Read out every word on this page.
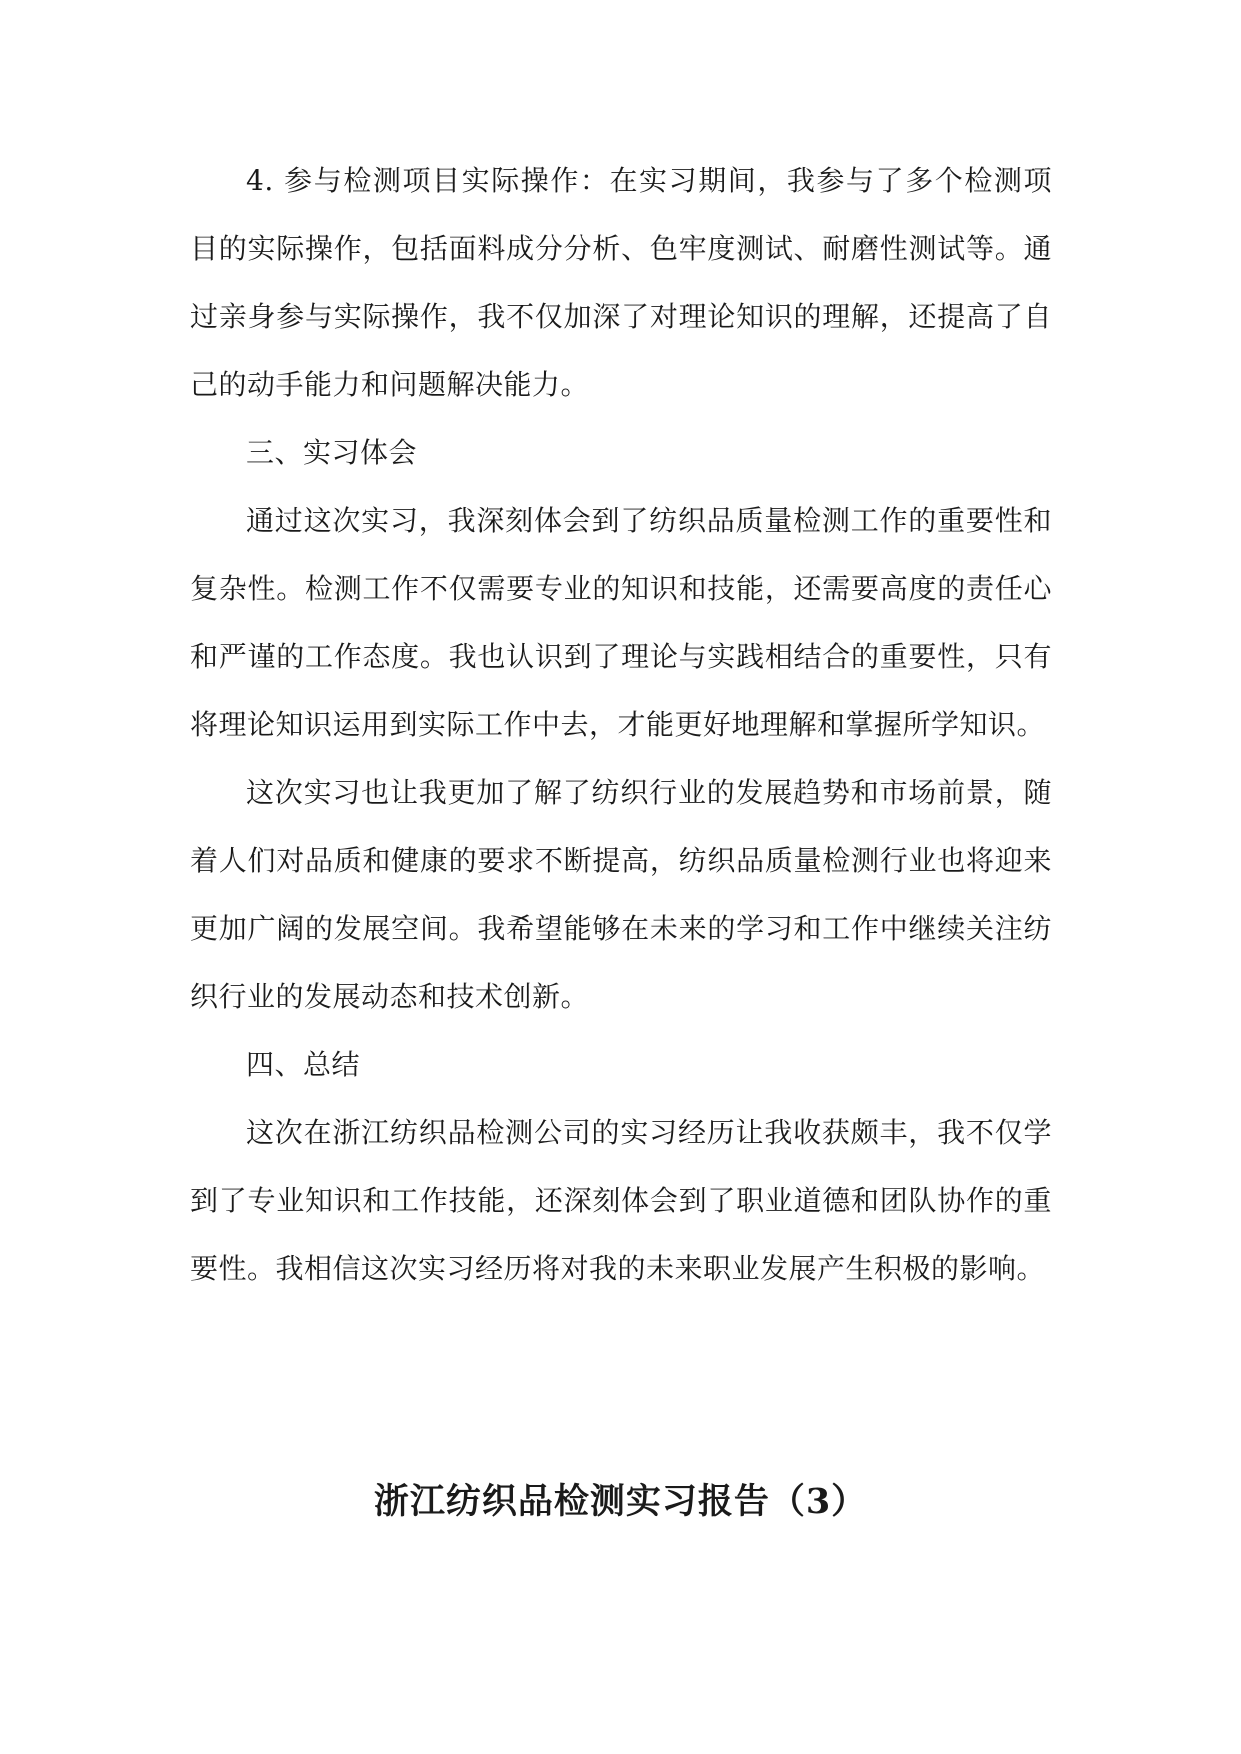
4. 参与检测项目实际操作：在实习期间，我参与了多个检测项目的实际操作，包括面料成分分析、色牢度测试、耐磨性测试等。通过亲身参与实际操作，我不仅加深了对理论知识的理解，还提高了自己的动手能力和问题解决能力。

三、实习体会

通过这次实习，我深刻体会到了纺织品质量检测工作的重要性和复杂性。检测工作不仅需要专业的知识和技能，还需要高度的责任心和严谨的工作态度。我也认识到了理论与实践相结合的重要性，只有将理论知识运用到实际工作中去，才能更好地理解和掌握所学知识。

这次实习也让我更加了解了纺织行业的发展趋势和市场前景，随着人们对品质和健康的要求不断提高，纺织品质量检测行业也将迎来更加广阔的发展空间。我希望能够在未来的学习和工作中继续关注纺织行业的发展动态和技术创新。

四、总结

这次在浙江纺织品检测公司的实习经历让我收获颇丰，我不仅学到了专业知识和工作技能，还深刻体会到了职业道德和团队协作的重要性。我相信这次实习经历将对我的未来职业发展产生积极的影响。

浙江纺织品检测实习报告（3）
